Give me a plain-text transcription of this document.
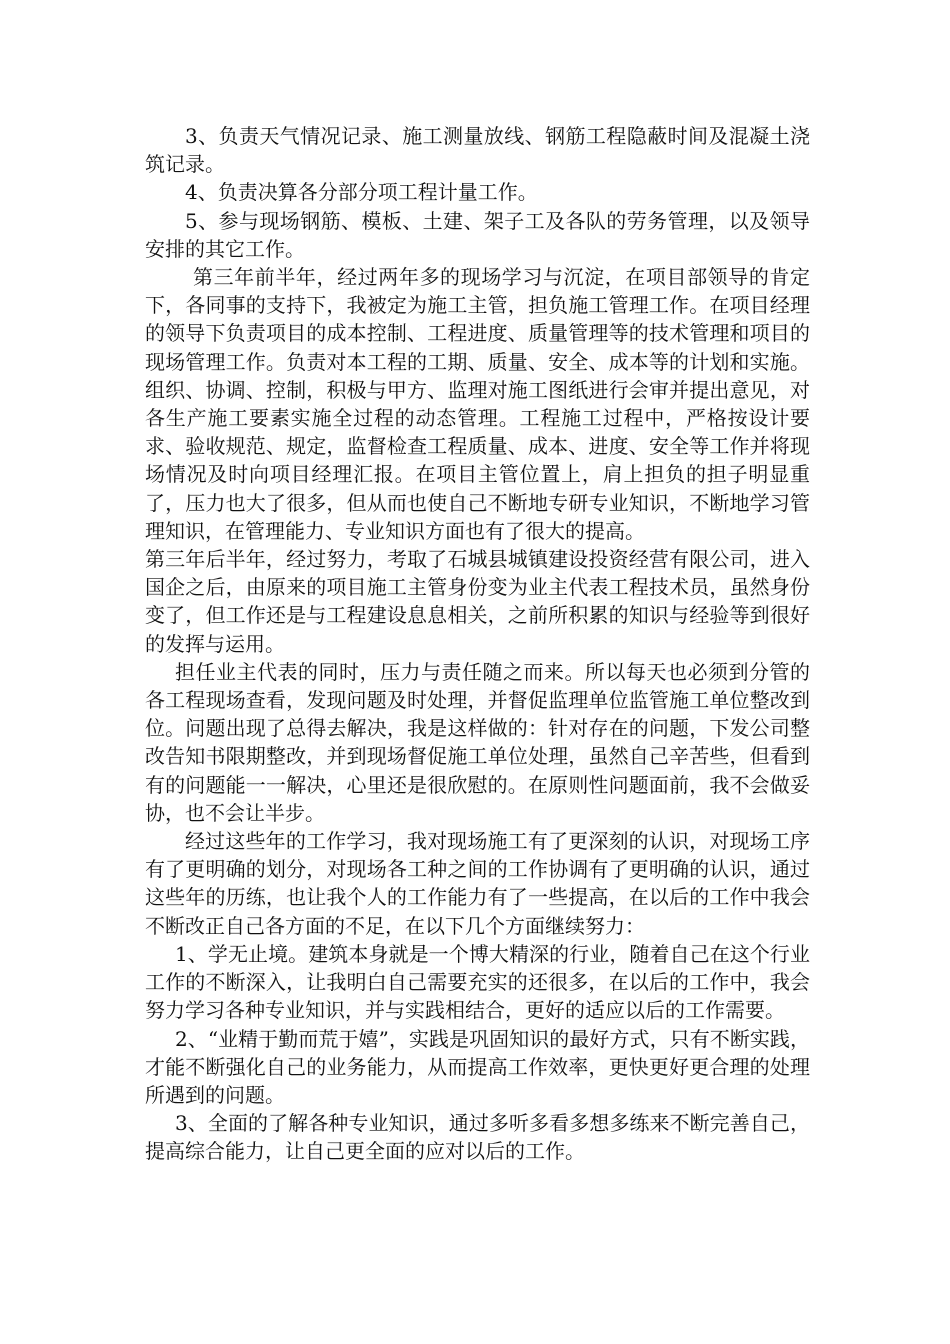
3、负责天气情况记录、施工测量放线、钢筋工程隐蔽时间及混凝土浇筑记录。

4、负责决算各分部分项工程计量工作。

5、参与现场钢筋、模板、土建、架子工及各队的劳务管理，以及领导安排的其它工作。

第三年前半年，经过两年多的现场学习与沉淀，在项目部领导的肯定下，各同事的支持下，我被定为施工主管，担负施工管理工作。在项目经理的领导下负责项目的成本控制、工程进度、质量管理等的技术管理和项目的现场管理工作。负责对本工程的工期、质量、安全、成本等的计划和实施。组织、协调、控制，积极与甲方、监理对施工图纸进行会审并提出意见，对各生产施工要素实施全过程的动态管理。工程施工过程中，严格按设计要求、验收规范、规定，监督检查工程质量、成本、进度、安全等工作并将现场情况及时向项目经理汇报。在项目主管位置上，肩上担负的担子明显重了，压力也大了很多，但从而也使自己不断地专研专业知识，不断地学习管理知识，在管理能力、专业知识方面也有了很大的提高。

第三年后半年，经过努力，考取了石城县城镇建设投资经营有限公司，进入国企之后，由原来的项目施工主管身份变为业主代表工程技术员，虽然身份变了，但工作还是与工程建设息息相关，之前所积累的知识与经验等到很好的发挥与运用。

担任业主代表的同时，压力与责任随之而来。所以每天也必须到分管的各工程现场查看，发现问题及时处理，并督促监理单位监管施工单位整改到位。问题出现了总得去解决，我是这样做的：针对存在的问题，下发公司整改告知书限期整改，并到现场督促施工单位处理，虽然自己辛苦些，但看到有的问题能一一解决，心里还是很欣慰的。在原则性问题面前，我不会做妥协，也不会让半步。

经过这些年的工作学习，我对现场施工有了更深刻的认识，对现场工序有了更明确的划分，对现场各工种之间的工作协调有了更明确的认识，通过这些年的历练，也让我个人的工作能力有了一些提高，在以后的工作中我会不断改正自己各方面的不足，在以下几个方面继续努力：

1、学无止境。建筑本身就是一个博大精深的行业，随着自己在这个行业工作的不断深入，让我明白自己需要充实的还很多，在以后的工作中，我会努力学习各种专业知识，并与实践相结合，更好的适应以后的工作需要。

2、“业精于勤而荒于嬉”，实践是巩固知识的最好方式，只有不断实践，才能不断强化自己的业务能力，从而提高工作效率，更快更好更合理的处理所遇到的问题。

3、全面的了解各种专业知识，通过多听多看多想多练来不断完善自己，提高综合能力，让自己更全面的应对以后的工作。
